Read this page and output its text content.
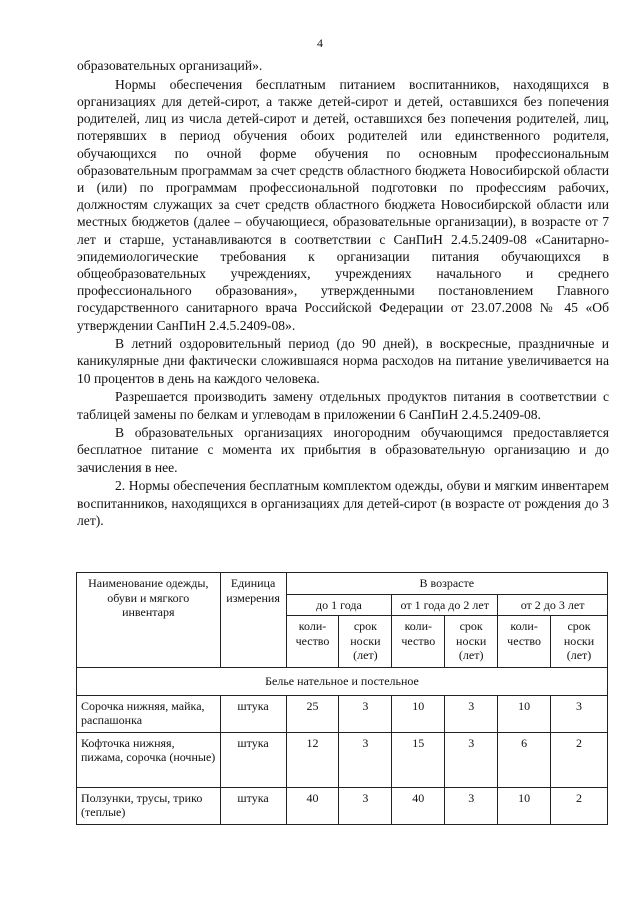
4

образовательных организаций».

Нормы обеспечения бесплатным питанием воспитанников, находящихся в организациях для детей-сирот, а также детей-сирот и детей, оставшихся без попечения родителей, лиц из числа детей-сирот и детей, оставшихся без попечения родителей, лиц, потерявших в период обучения обоих родителей или единственного родителя, обучающихся по очной форме обучения по основным профессиональным образовательным программам за счет средств областного бюджета Новосибирской области и (или) по программам профессиональной подготовки по профессиям рабочих, должностям служащих за счет средств областного бюджета Новосибирской области или местных бюджетов (далее – обучающиеся, образовательные организации), в возрасте от 7 лет и старше, устанавливаются в соответствии с СанПиН 2.4.5.2409-08 «Санитарно-эпидемиологические требования к организации питания обучающихся в общеобразовательных учреждениях, учреждениях начального и среднего профессионального образования», утвержденными постановлением Главного государственного санитарного врача Российской Федерации от 23.07.2008 № 45 «Об утверждении СанПиН 2.4.5.2409-08».

В летний оздоровительный период (до 90 дней), в воскресные, праздничные и каникулярные дни фактически сложившаяся норма расходов на питание увеличивается на 10 процентов в день на каждого человека.

Разрешается производить замену отдельных продуктов питания в соответствии с таблицей замены по белкам и углеводам в приложении 6 СанПиН 2.4.5.2409-08.

В образовательных организациях иногородним обучающимся предоставляется бесплатное питание с момента их прибытия в образовательную организацию и до зачисления в нее.

2. Нормы обеспечения бесплатным комплектом одежды, обуви и мягким инвентарем воспитанников, находящихся в организациях для детей-сирот (в возрасте от рождения до 3 лет).

Наименование одежды, обуви и мягкого инвентаря	Единица измерения	В возрасте					
		до 1 года		от 1 года до 2 лет		от 2 до 3 лет	
		коли-чество	срок носки (лет)	коли-чество	срок носки (лет)	коли-чество	срок носки (лет)
Белье нательное и постельное							
Сорочка нижняя, майка, распашонка	штука	25	3	10	3	10	3
Кофточка нижняя, пижама, сорочка (ночные)	штука	12	3	15	3	6	2
Ползунки, трусы, трико (теплые)	штука	40	3	40	3	10	2
